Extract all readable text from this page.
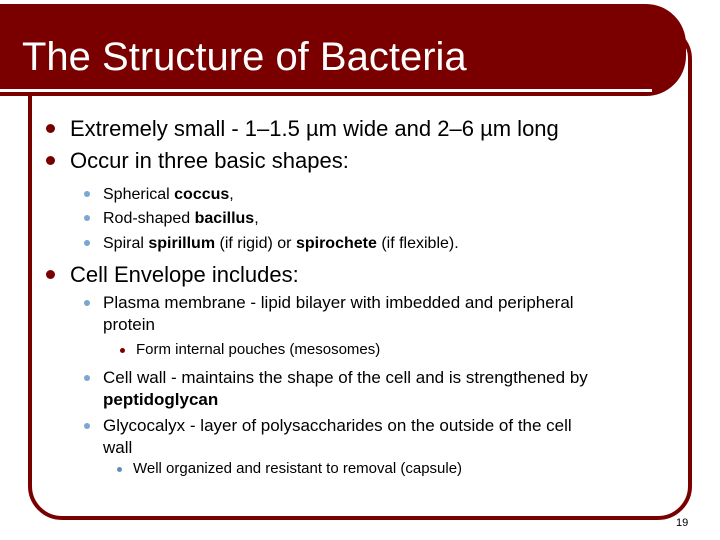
The Structure of Bacteria
Extremely small - 1–1.5 µm wide and 2–6 µm long
Occur in three basic shapes:
Spherical coccus,
Rod-shaped bacillus,
Spiral spirillum (if rigid) or spirochete (if flexible).
Cell Envelope includes:
Plasma membrane - lipid bilayer with imbedded and peripheral
protein
Form internal pouches (mesosomes)
Cell wall - maintains the shape of the cell and is strengthened by
peptidoglycan
Glycocalyx - layer of polysaccharides on the outside of the cell
wall
Well organized and resistant to removal (capsule)
19
